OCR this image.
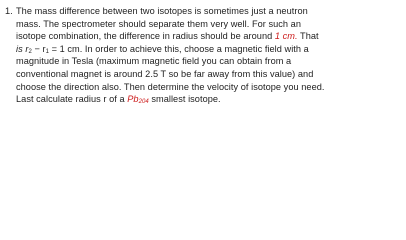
1. The mass difference between two isotopes is sometimes just a neutron
mass. The spectrometer should separate them very well. For such an
isotope combination, the difference in radius should be around 1 cm. That
is $r_2 - r_1 = 1$ cm. In order to achieve this, choose a magnetic field with a
magnitude in Tesla (maximum magnetic field you can obtain from a
conventional magnet is around 2.5 T so be far away from this value) and
choose the direction also. Then determine the velocity of isotope you need.
Last calculate radius r of a $Pb_{204}$ smallest isotope.
